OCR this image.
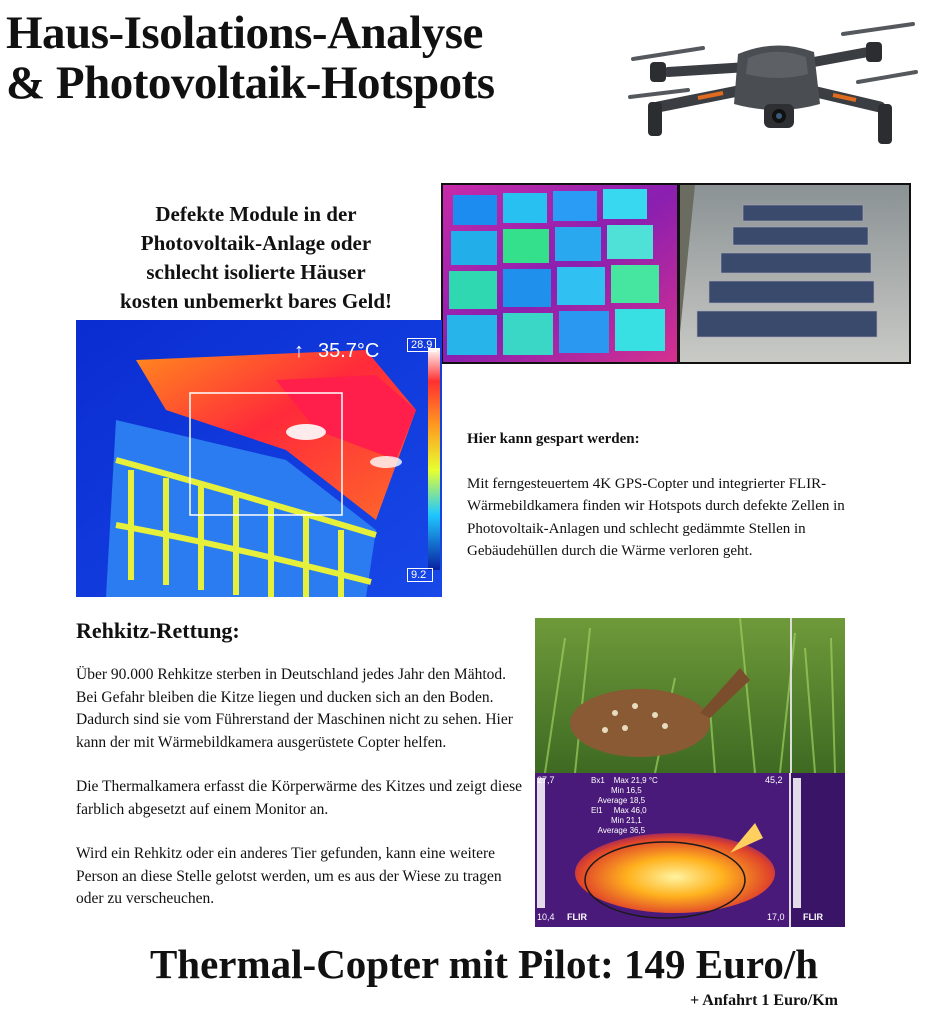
Haus-Isolations-Analyse
& Photovoltaik-Hotspots
Defekte Module in der
Photovoltaik-Anlage oder
schlecht isolierte Häuser
kosten unbemerkt bares Geld!
↑ 35.7°C	28.9
9.2
Hier kann gespart werden:
Mit ferngesteuertem 4K GPS-Copter und integrierter FLIR-Wärmebildkamera finden wir Hotspots durch defekte Zellen in Photovoltaik-Anlagen und schlecht gedämmte Stellen in Gebäudehüllen durch die Wärme verloren geht.
Rehkitz-Rettung:

Über 90.000 Rehkitze sterben in Deutschland jedes Jahr den Mähtod. Bei Gefahr bleiben die Kitze liegen und ducken sich an den Boden. Dadurch sind sie vom Führerstand der Maschinen nicht zu sehen. Hier kann der mit Wärmebildkamera ausgerüstete Copter helfen.

Die Thermalkamera erfasst die Körperwärme des Kitzes und zeigt diese farblich abgesetzt auf einem Monitor an.

Wird ein Rehkitz oder ein anderes Tier gefunden, kann eine weitere Person an diese Stelle gelotst werden, um es aus der Wiese zu tragen oder zu verscheuchen.

27,7
10,4
45,2
17,0
FLIR	FLIR
Bx1 Max 21,9 °C
Min 16,5
Average 18,5
El1 Max 46,0
Min 21,1
Average 36,5
Thermal-Copter mit Pilot: 149 Euro/h
+ Anfahrt 1 Euro/Km
